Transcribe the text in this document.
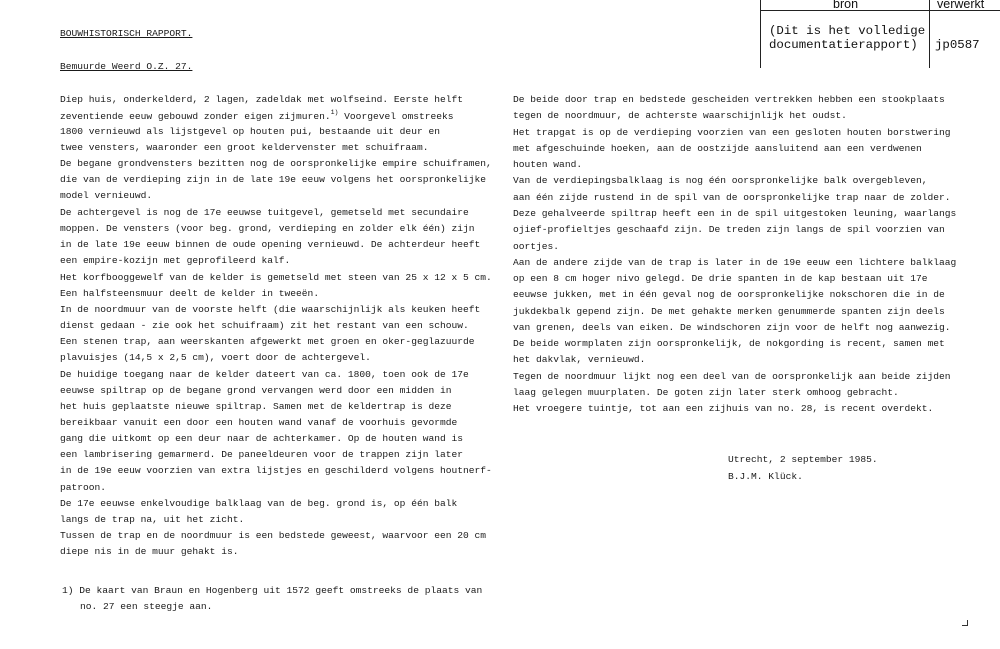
bron	verwerkt
(Dit is het volledige
documentatierapport) jp0587
BOUWHISTORISCH RAPPORT.
Bemuurde Weerd O.Z. 27.
Diep huis, onderkelderd, 2 lagen, zadeldak met wolfseind. Eerste helft
zeventiende eeuw gebouwd zonder eigen zijmuren.$^{1)}$ Voorgevel omstreeks
1800 vernieuwd als lijstgevel op houten pui, bestaande uit deur en
twee vensters, waaronder een groot keldervenster met schuifraam.
De begane grondvensters bezitten nog de oorspronkelijke empire schuiframen,
die van de verdieping zijn in de late 19e eeuw volgens het oorspronkelijke
model vernieuwd.
De achtergevel is nog de 17e eeuwse tuitgevel, gemetseld met secundaire
moppen. De vensters (voor beg. grond, verdieping en zolder elk één) zijn
in de late 19e eeuw binnen de oude opening vernieuwd. De achterdeur heeft
een empire-kozijn met geprofileerd kalf.
Het korfbooggewelf van de kelder is gemetseld met steen van 25 x 12 x 5 cm.
Een halfsteensmuur deelt de kelder in tweeën.
In de noordmuur van de voorste helft (die waarschijnlijk als keuken heeft
dienst gedaan - zie ook het schuifraam) zit het restant van een schouw.
Een stenen trap, aan weerskanten afgewerkt met groen en oker-geglazuurde
plavuisjes (14,5 x 2,5 cm), voert door de achtergevel.
De huidige toegang naar de kelder dateert van ca. 1800, toen ook de 17e
eeuwse spiltrap op de begane grond vervangen werd door een midden in
het huis geplaatste nieuwe spiltrap. Samen met de keldertrap is deze
bereikbaar vanuit een door een houten wand vanaf de voorhuis gevormde
gang die uitkomt op een deur naar de achterkamer. Op de houten wand is
een lambrisering gemarmerd. De paneeldeuren voor de trappen zijn later
in de 19e eeuw voorzien van extra lijstjes en geschilderd volgens houtnerf-
patroon.
De 17e eeuwse enkelvoudige balklaag van de beg. grond is, op één balk
langs de trap na, uit het zicht.
Tussen de trap en de noordmuur is een bedstede geweest, waarvoor een 20 cm
diepe nis in de muur gehakt is.
1) De kaart van Braun en Hogenberg uit 1572 geeft omstreeks de plaats van
no. 27 een steegje aan.
De beide door trap en bedstede gescheiden vertrekken hebben een stookplaats
tegen de noordmuur, de achterste waarschijnlijk het oudst.
Het trapgat is op de verdieping voorzien van een gesloten houten borstwering
met afgeschuinde hoeken, aan de oostzijde aansluitend aan een verdwenen
houten wand.
Van de verdiepingsbalklaag is nog één oorspronkelijke balk overgebleven,
aan één zijde rustend in de spil van de oorspronkelijke trap naar de zolder.
Deze gehalveerde spiltrap heeft een in de spil uitgestoken leuning, waarlangs
ojief-profieltjes geschaafd zijn. De treden zijn langs de spil voorzien van
oortjes.
Aan de andere zijde van de trap is later in de 19e eeuw een lichtere balklaag
op een 8 cm hoger nivo gelegd. De drie spanten in de kap bestaan uit 17e
eeuwse jukken, met in één geval nog de oorspronkelijke nokschoren die in de
jukdekbalk gepend zijn. De met gehakte merken genummerde spanten zijn deels
van grenen, deels van eiken. De windschoren zijn voor de helft nog aanwezig.
De beide wormplaten zijn oorspronkelijk, de nokgording is recent, samen met
het dakvlak, vernieuwd.
Tegen de noordmuur lijkt nog een deel van de oorspronkelijk aan beide zijden
laag gelegen muurplaten. De goten zijn later sterk omhoog gebracht.
Het vroegere tuintje, tot aan een zijhuis van no. 28, is recent overdekt.
Utrecht, 2 september 1985.
B.J.M. Klück.
